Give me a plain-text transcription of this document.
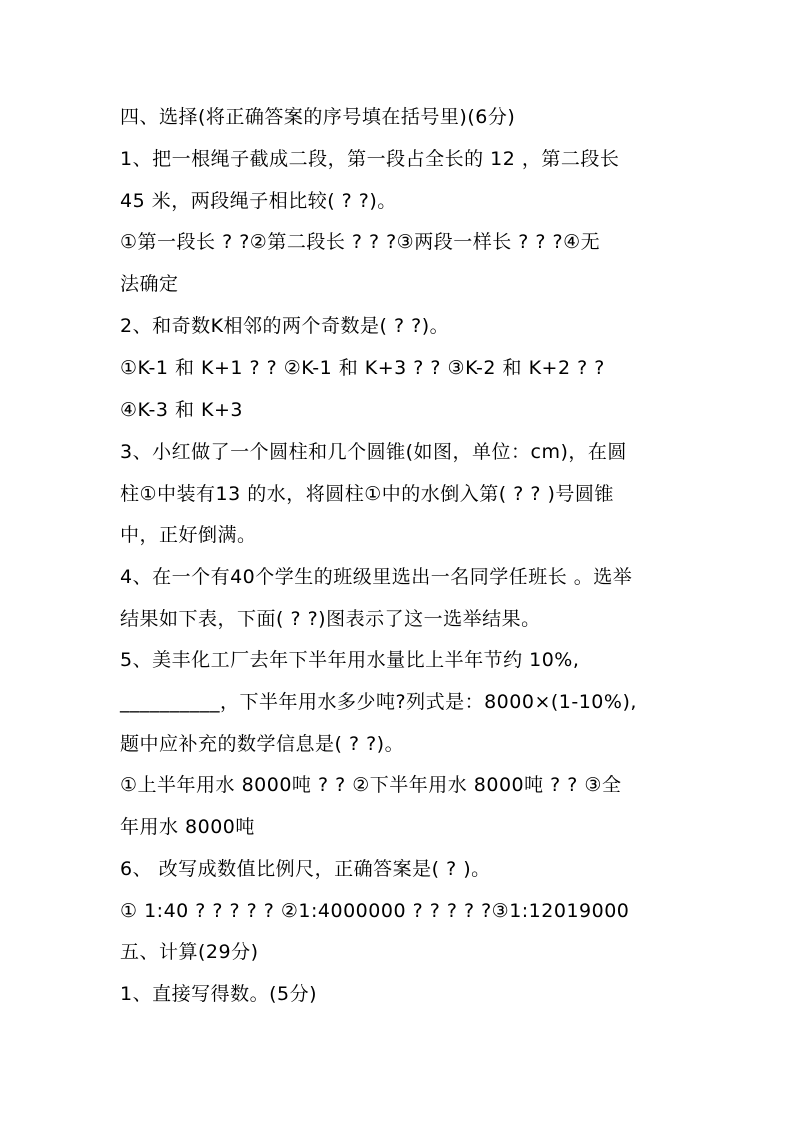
四、选择(将正确答案的序号填在括号里)(6分)
1、把一根绳子截成二段，第一段占全长的 12 ，第二段长
45 米，两段绳子相比较( ? ?)。
①第一段长 ? ?②第二段长 ? ? ?③两段一样长 ? ? ?④无
法确定
2、和奇数K相邻的两个奇数是( ? ?)。
①K-1 和 K+1 ? ? ②K-1 和 K+3 ? ? ③K-2 和 K+2 ? ?
④K-3 和 K+3
3、小红做了一个圆柱和几个圆锥(如图，单位：cm)，在圆
柱①中装有13 的水，将圆柱①中的水倒入第( ? ? )号圆锥
中，正好倒满。
4、在一个有40个学生的班级里选出一名同学任班长 。选举
结果如下表，下面( ? ?)图表示了这一选举结果。
5、美丰化工厂去年下半年用水量比上半年节约 10%,
__________，下半年用水多少吨?列式是：8000×(1-10%),
题中应补充的数学信息是( ? ?)。
①上半年用水 8000吨 ? ? ②下半年用水 8000吨 ? ? ③全
年用水 8000吨
6、 改写成数值比例尺，正确答案是( ? )。
① 1:40 ? ? ? ? ? ②1:4000000 ? ? ? ? ?③1:12019000
五、计算(29分)
1、直接写得数。(5分)
